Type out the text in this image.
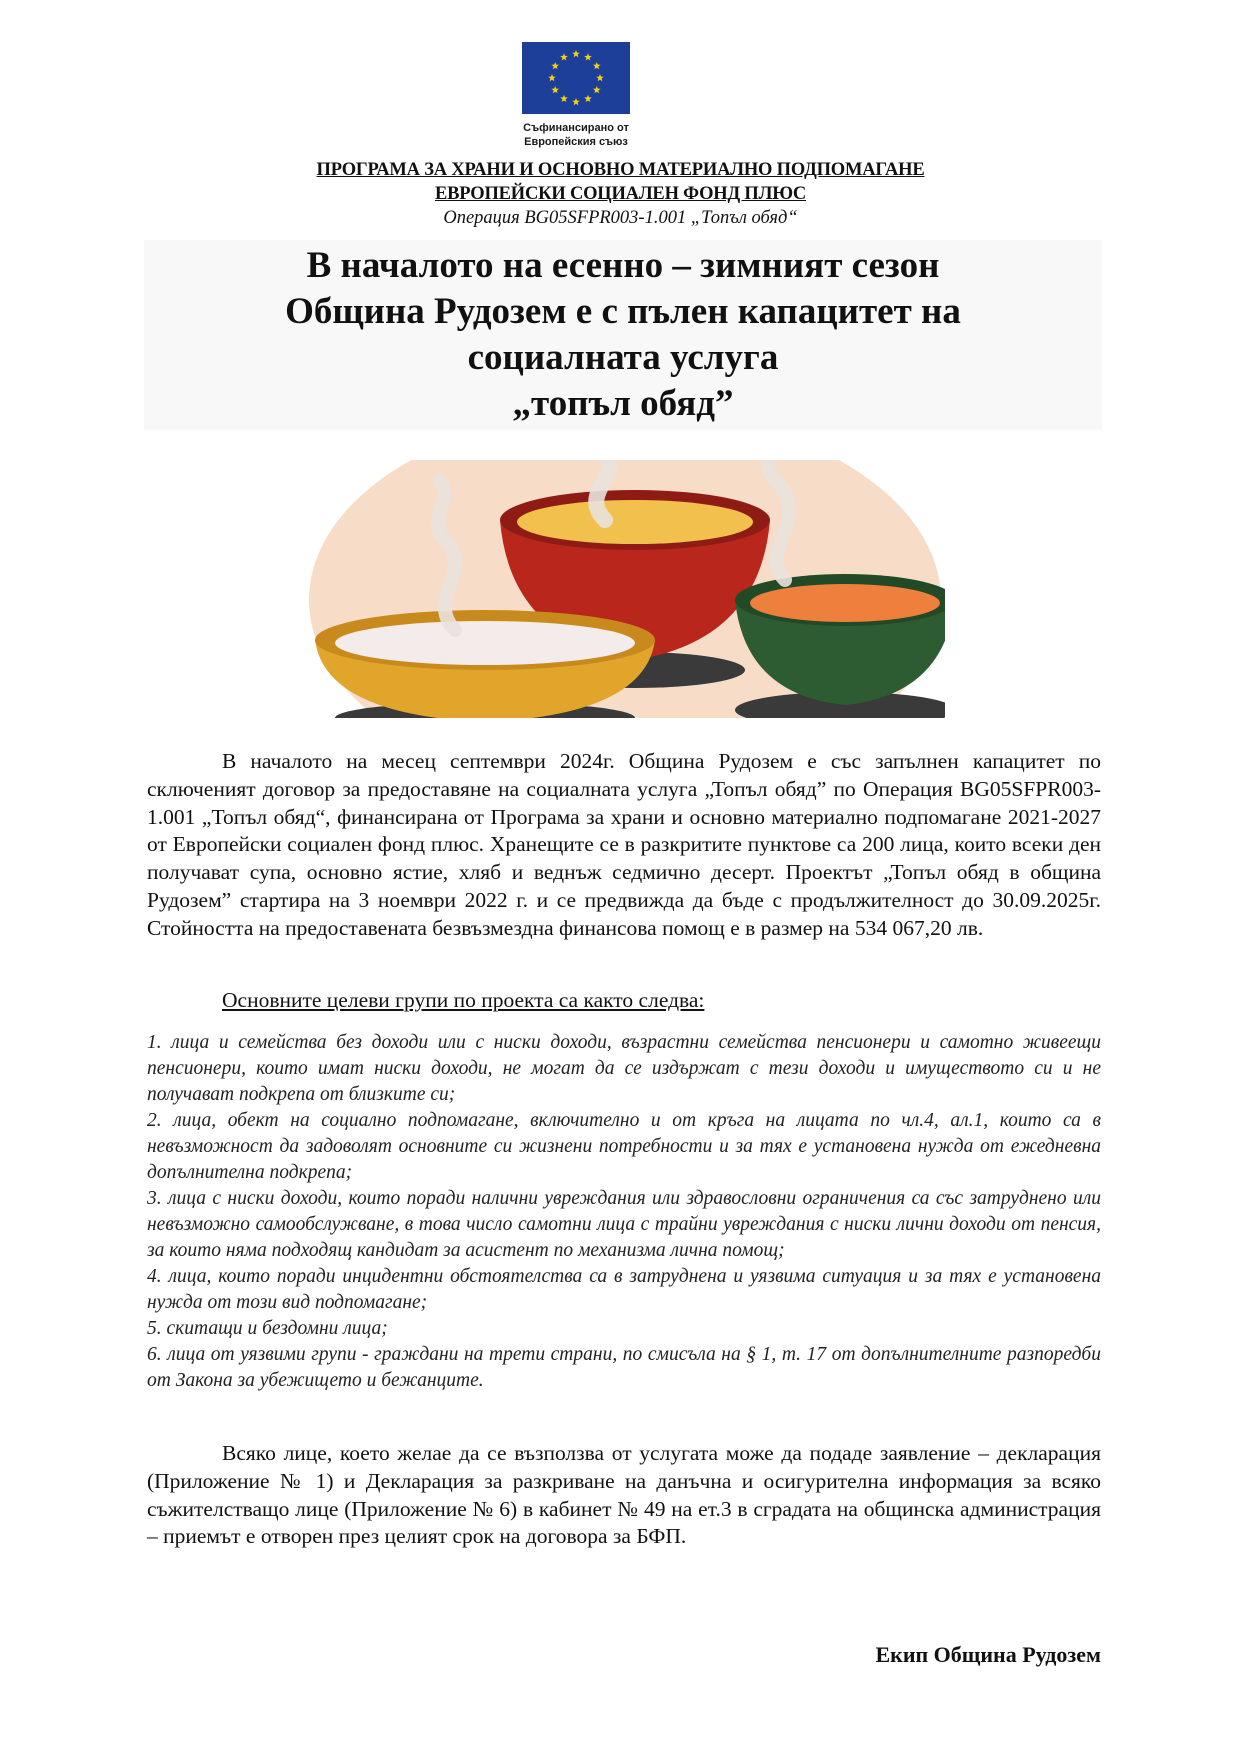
Съфинансирано от
Европейския съюз
ПРОГРАМА ЗА ХРАНИ И ОСНОВНО МАТЕРИАЛНО ПОДПОМАГАНЕ
ЕВРОПЕЙСКИ СОЦИАЛЕН ФОНД ПЛЮС
Операция BG05SFPR003-1.001 „Топъл обяд“
В началото на есенно – зимният сезон
Община Рудозем е с пълен капацитет на
социалната услуга
„топъл обяд”
В началото на месец септември 2024г. Община Рудозем е със запълнен капацитет по сключеният договор за предоставяне на социалната услуга „Топъл обяд” по Операция BG05SFPR003-1.001 „Топъл обяд“, финансирана от Програма за храни и основно материално подпомагане 2021-2027 от Европейски социален фонд плюс. Хранещите се в разкритите пунктове са 200 лица, които всеки ден получават супа, основно ястие, хляб и веднъж седмично десерт. Проектът „Топъл обяд в община Рудозем” стартира на 3 ноември 2022 г. и се предвижда да бъде с продължителност до 30.09.2025г. Стойността на предоставената безвъзмездна финансова помощ е в размер на 534 067,20 лв.
Основните целеви групи по проекта са както следва:
1. лица и семейства без доходи или с ниски доходи, възрастни семейства пенсионери и самотно живеещи пенсионери, които имат ниски доходи, не могат да се издържат с тези доходи и имуществото си и не получават подкрепа от близките си;
2. лица, обект на социално подпомагане, включително и от кръга на лицата по чл.4, ал.1, които са в невъзможност да задоволят основните си жизнени потребности и за тях е установена нужда от ежедневна допълнителна подкрепа;
3. лица с ниски доходи, които поради налични увреждания или здравословни ограничения са със затруднено или невъзможно самообслужване, в това число самотни лица с трайни увреждания с ниски лични доходи от пенсия, за които няма подходящ кандидат за асистент по механизма лична помощ;
4. лица, които поради инцидентни обстоятелства са в затруднена и уязвима ситуация и за тях е установена нужда от този вид подпомагане;
5. скитащи и бездомни лица;
6. лица от уязвими групи - граждани на трети страни, по смисъла на § 1, т. 17 от допълнителните разпоредби от Закона за убежището и бежанците.
Всяко лице, което желае да се възползва от услугата може да подаде заявление – декларация (Приложение № 1) и Декларация за разкриване на данъчна и осигурителна информация за всяко съжителстващо лице (Приложение № 6) в кабинет № 49 на ет.3 в сградата на общинска администрация – приемът е отворен през целият срок на договора за БФП.
Екип Община Рудозем
